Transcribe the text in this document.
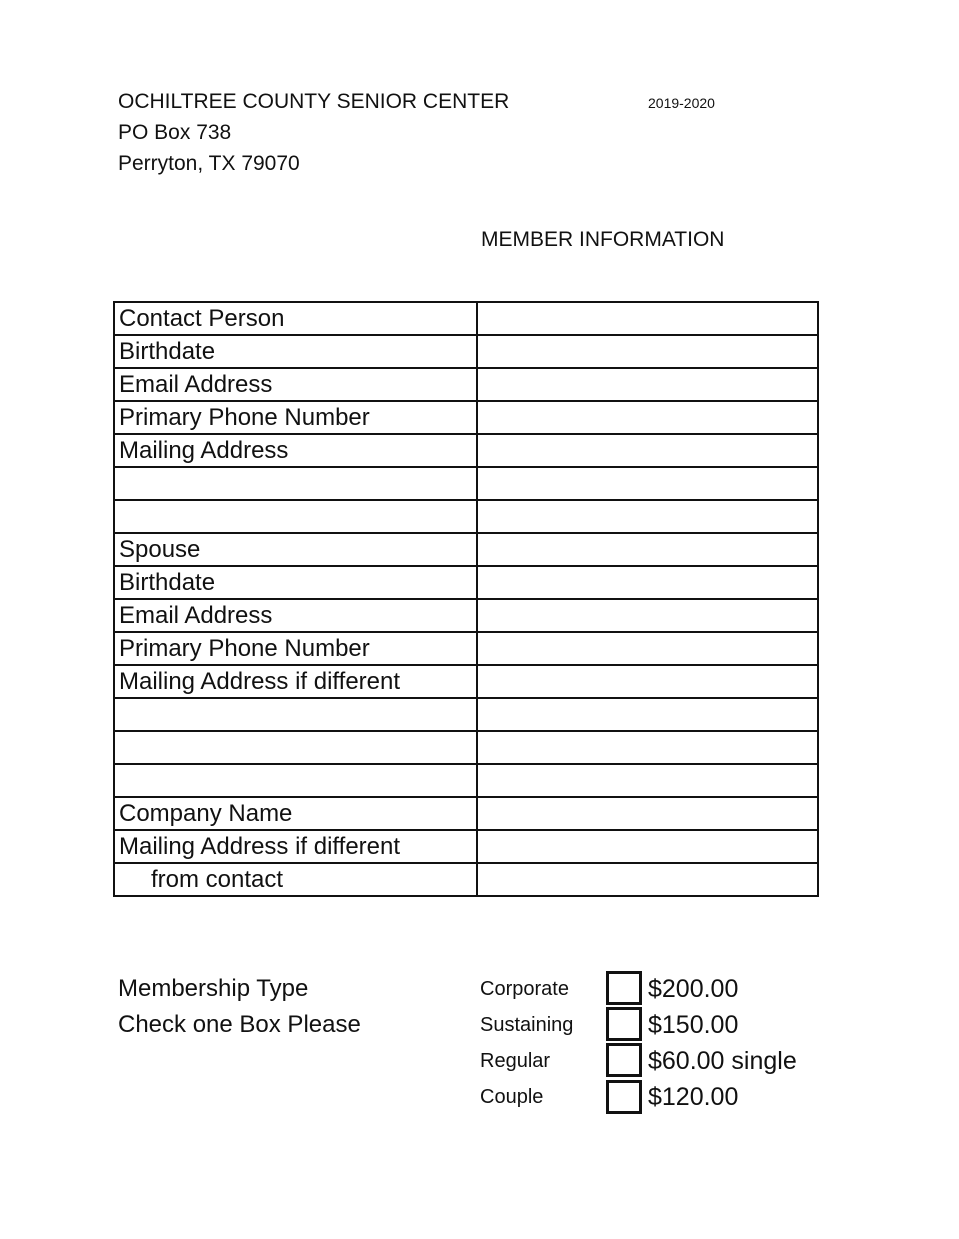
OCHILTREE COUNTY SENIOR CENTER
PO Box 738
Perryton, TX 79070
2019-2020
MEMBER INFORMATION
Contact Person	
Birthdate	
Email Address	
Primary Phone Number	
Mailing Address	

Spouse	
Birthdate	
Email Address	
Primary Phone Number	
Mailing Address if different	

Company Name	
Mailing Address if different	
from contact	
Membership Type
Check one Box Please
Corporate	$200.00
Sustaining	$150.00
Regular	$60.00 single
Couple	$120.00
